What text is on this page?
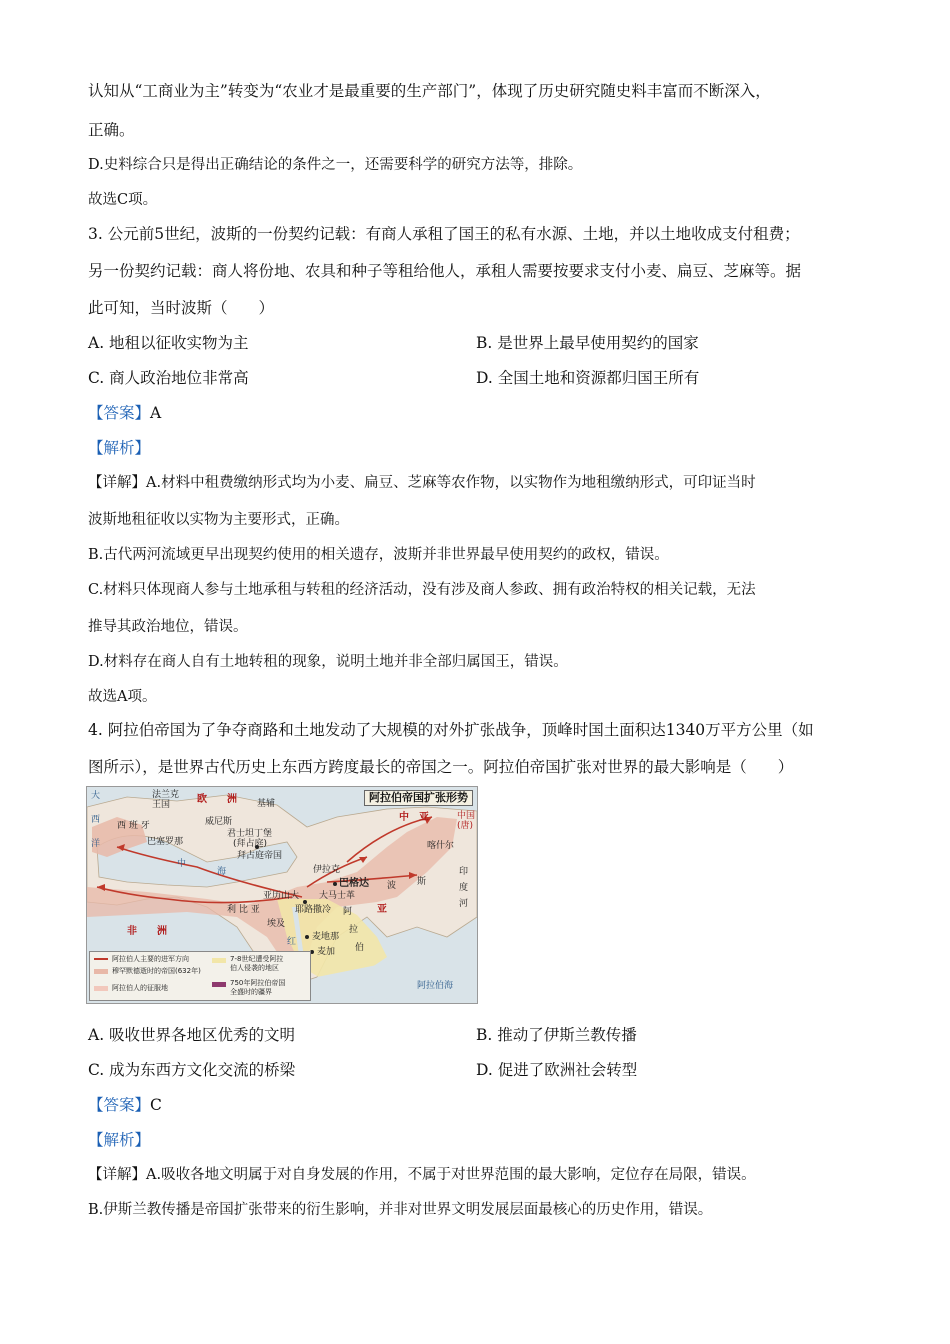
认知从“工商业为主”转变为“农业才是最重要的生产部门”，体现了历史研究随史料丰富而不断深入，
正确。
D.史料综合只是得出正确结论的条件之一，还需要科学的研究方法等，排除。
故选C项。
3. 公元前5世纪，波斯的一份契约记载：有商人承租了国王的私有水源、土地，并以土地收成支付租费；
另一份契约记载：商人将份地、农具和种子等租给他人，承租人需要按要求支付小麦、扁豆、芝麻等。据
此可知，当时波斯（　　）
A. 地租以征收实物为主	B. 是世界上最早使用契约的国家
C. 商人政治地位非常高	D. 全国土地和资源都归国王所有
【答案】A
【解析】
【详解】A.材料中租费缴纳形式均为小麦、扁豆、芝麻等农作物，以实物作为地租缴纳形式，可印证当时
波斯地租征收以实物为主要形式，正确。
B.古代两河流域更早出现契约使用的相关遗存，波斯并非世界最早使用契约的政权，错误。
C.材料只体现商人参与土地承租与转租的经济活动，没有涉及商人参政、拥有政治特权的相关记载，无法
推导其政治地位，错误。
D.材料存在商人自有土地转租的现象，说明土地并非全部归属国王，错误。
故选A项。
4. 阿拉伯帝国为了争夺商路和土地发动了大规模的对外扩张战争，顶峰时国土面积达1340万平方公里（如
图所示），是世界古代历史上东西方跨度最长的帝国之一。阿拉伯帝国扩张对世界的最大影响是（　　）
阿拉伯帝国扩张形势
大
西
洋
法兰克
王国	欧 洲 基辅
威尼斯
西 班 牙
巴塞罗那
君士坦丁堡
(拜占庭)
拜占庭帝国
中
海
利 比 亚
亚历山大
埃及
伊拉克
巴格达 波 斯
中　亚	中国
(唐)
喀什尔
亚
非 洲	麦地那
麦加
红
阿
拉
伯
阿拉伯海
印
度
河
耶路撒冷
大马士革
阿拉伯人主要的进军方向
穆罕默德逝时的帝国(632年)
阿拉伯人的征服地
7-8世纪遭受阿拉
伯人侵袭的地区
750年阿拉伯帝国
全盛时的疆界
A. 吸收世界各地区优秀的文明	B. 推动了伊斯兰教传播
C. 成为东西方文化交流的桥梁	D. 促进了欧洲社会转型
【答案】C
【解析】
【详解】A.吸收各地文明属于对自身发展的作用，不属于对世界范围的最大影响，定位存在局限，错误。
B.伊斯兰教传播是帝国扩张带来的衍生影响，并非对世界文明发展层面最核心的历史作用，错误。
